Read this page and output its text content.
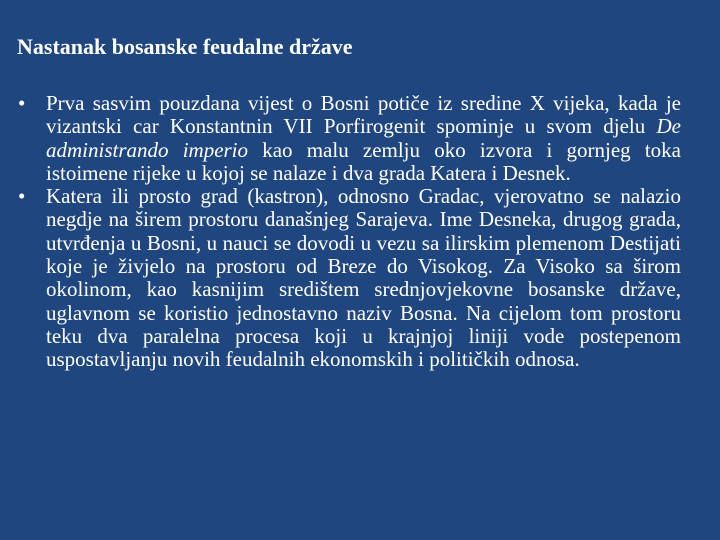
Nastanak bosanske feudalne države
• Prva sasvim pouzdana vijest o Bosni potiče iz sredine X vijeka, kada je vizantski car Konstantnin VII Porfirogenit spominje u svom djelu De administrando imperio kao malu zemlju oko izvora i gornjeg toka istoimene rijeke u kojoj se nalaze i dva grada Katera i Desnek.
• Katera ili prosto grad (kastron), odnosno Gradac, vjerovatno se nalazio negdje na širem prostoru današnjeg Sarajeva. Ime Desneka, drugog grada, utvrđenja u Bosni, u nauci se dovodi u vezu sa ilirskim plemenom Destijati koje je živjelo na prostoru od Breze do Visokog. Za Visoko sa širom okolinom, kao kasnijim središtem srednjovjekovne bosanske države, uglavnom se koristio jednostavno naziv Bosna. Na cijelom tom prostoru teku dva paralelna procesa koji u krajnjoj liniji vode postepenom uspostavljanju novih feudalnih ekonomskih i političkih odnosa.
